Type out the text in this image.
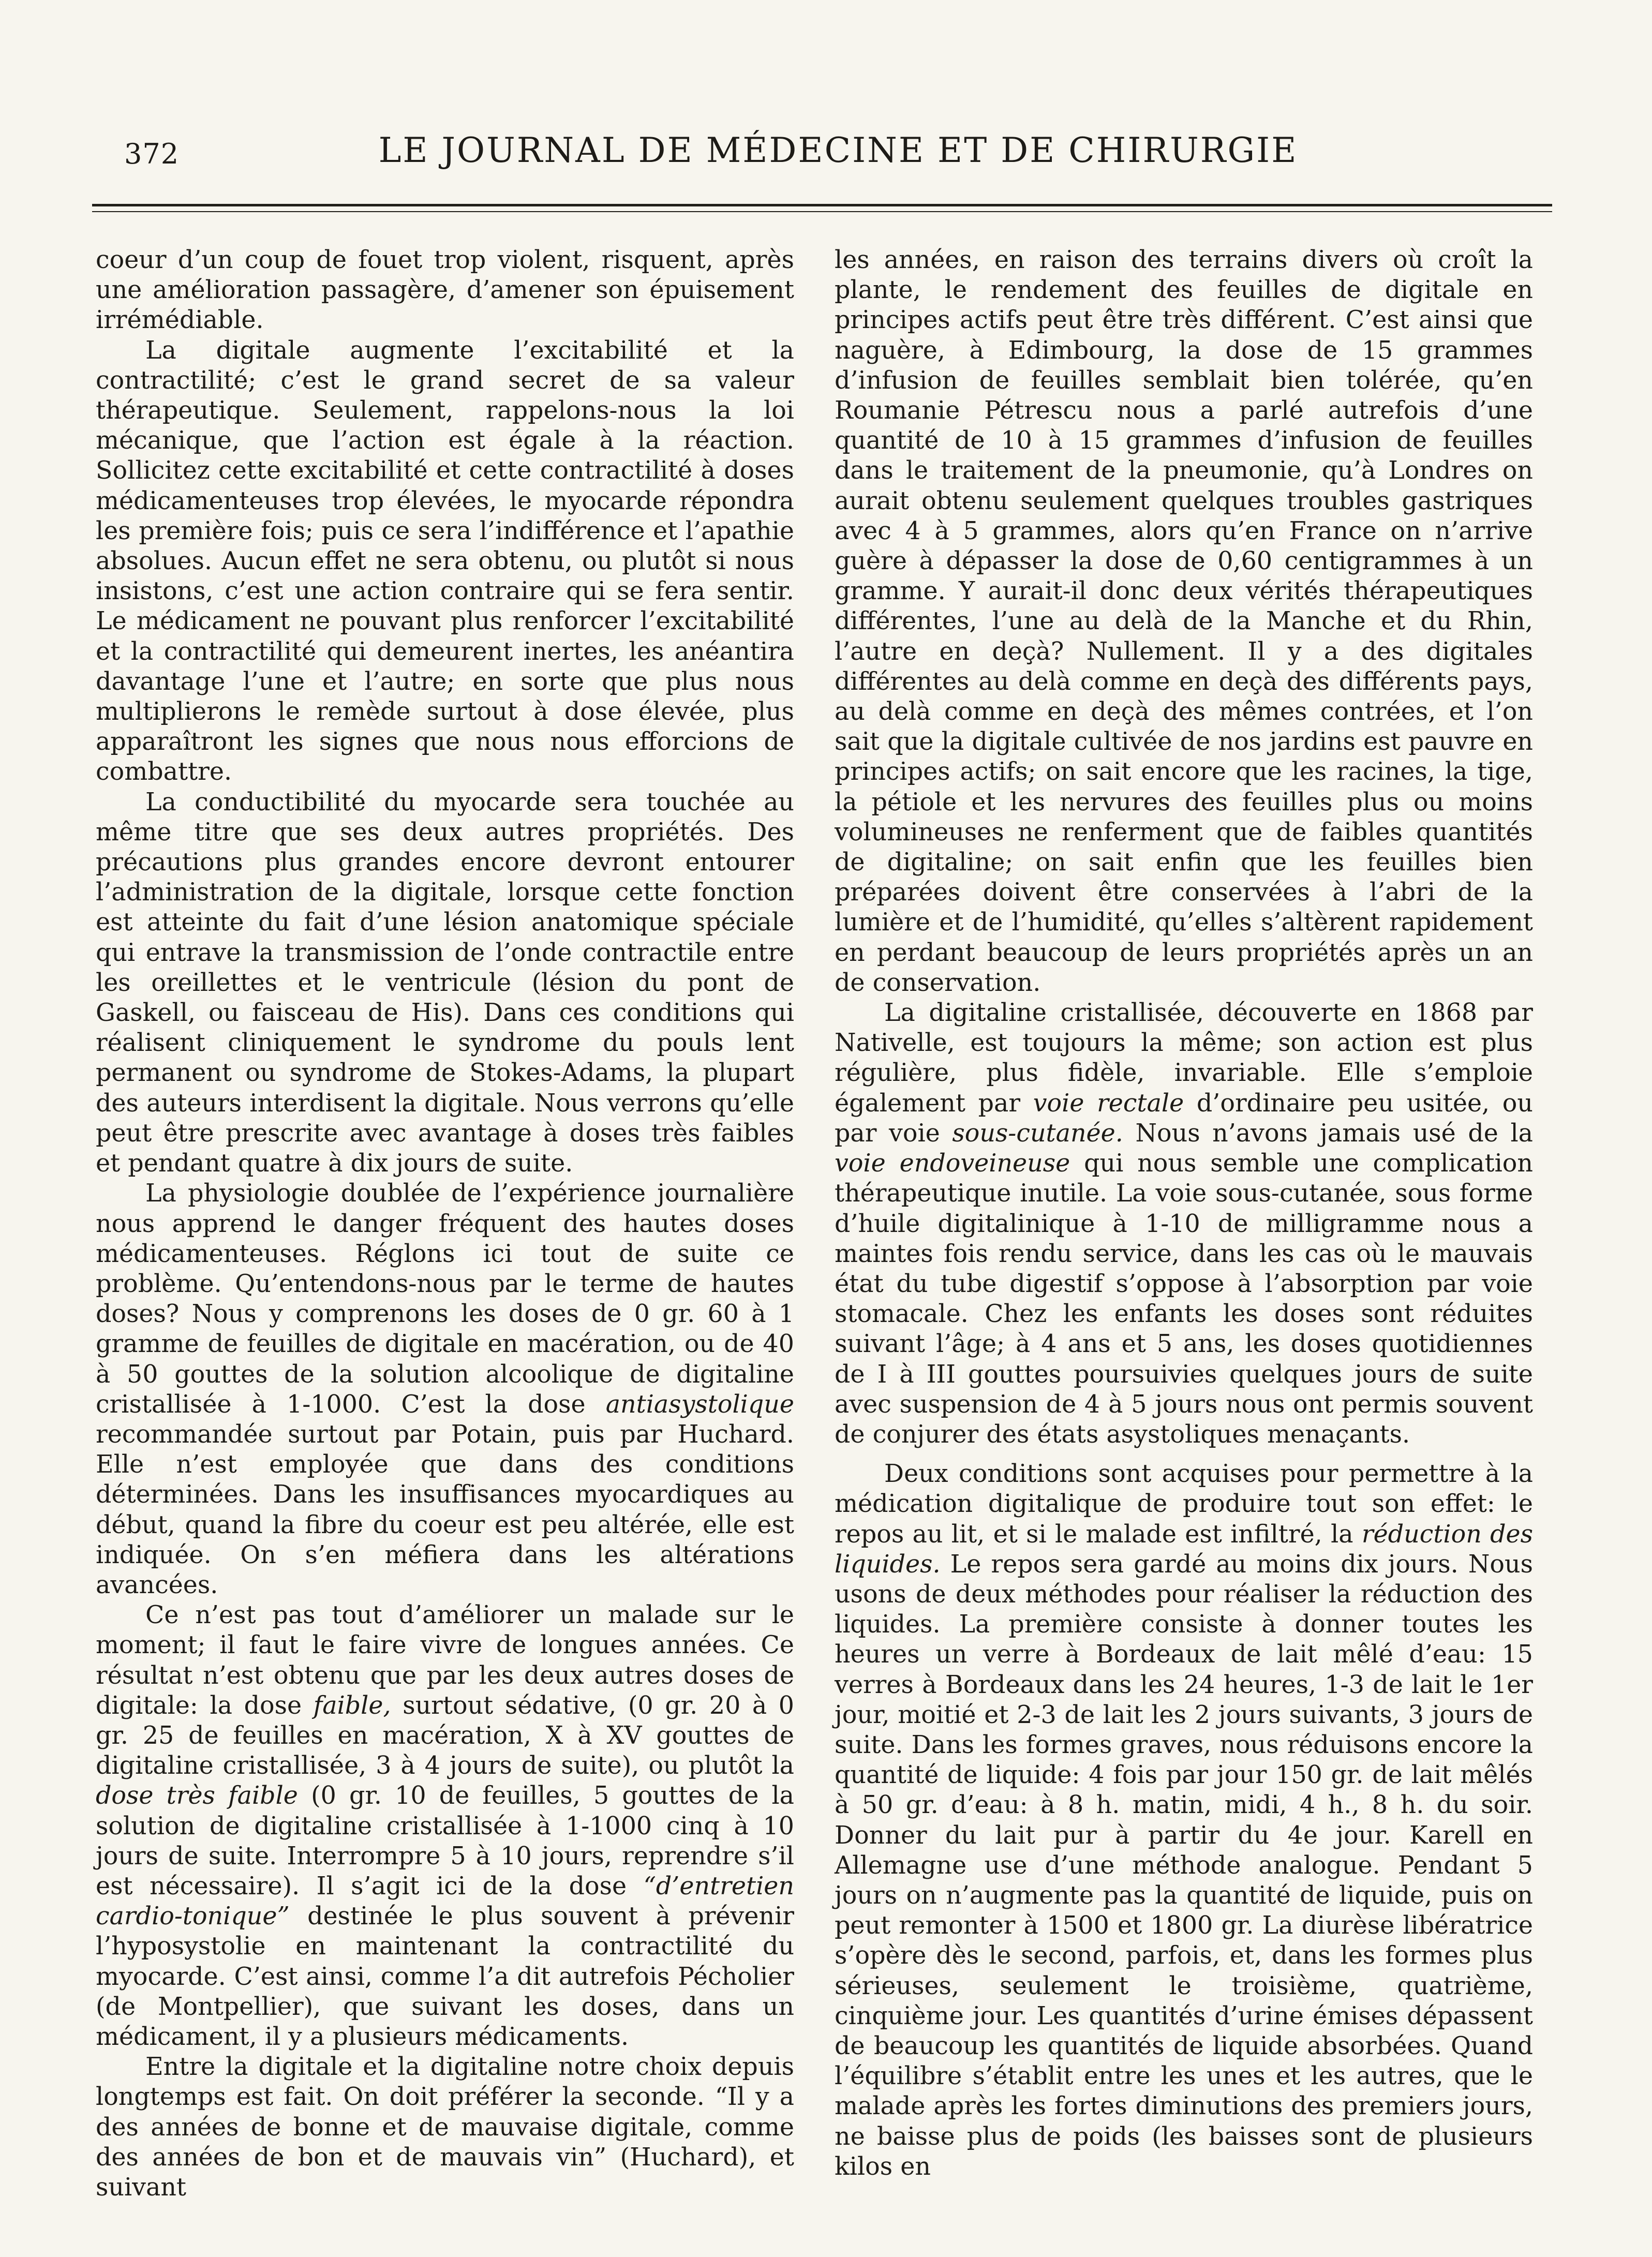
372	LE JOURNAL DE MÉDECINE ET DE CHIRURGIE

coeur d’un coup de fouet trop violent, risquent, après une amélioration passagère, d’amener son épuisement irrémédiable.

La digitale augmente l’excitabilité et la contractilité; c’est le grand secret de sa valeur thérapeutique. Seulement, rappelons-nous la loi mécanique, que l’action est égale à la réaction. Sollicitez cette excitabilité et cette contractilité à doses médicamenteuses trop élevées, le myocarde répondra les première fois; puis ce sera l’indifférence et l’apathie absolues. Aucun effet ne sera obtenu, ou plutôt si nous insistons, c’est une action contraire qui se fera sentir. Le médicament ne pouvant plus renforcer l’excitabilité et la contractilité qui demeurent inertes, les anéantira davantage l’une et l’autre; en sorte que plus nous multiplierons le remède surtout à dose élevée, plus apparaîtront les signes que nous nous efforcions de combattre.

La conductibilité du myocarde sera touchée au même titre que ses deux autres propriétés. Des précautions plus grandes encore devront entourer l’administration de la digitale, lorsque cette fonction est atteinte du fait d’une lésion anatomique spéciale qui entrave la transmission de l’onde contractile entre les oreillettes et le ventricule (lésion du pont de Gaskell, ou faisceau de His). Dans ces conditions qui réalisent cliniquement le syndrome du pouls lent permanent ou syndrome de Stokes-Adams, la plupart des auteurs interdisent la digitale. Nous verrons qu’elle peut être prescrite avec avantage à doses très faibles et pendant quatre à dix jours de suite.

La physiologie doublée de l’expérience journalière nous apprend le danger fréquent des hautes doses médicamenteuses. Réglons ici tout de suite ce problème. Qu’entendons-nous par le terme de hautes doses? Nous y comprenons les doses de 0 gr. 60 à 1 gramme de feuilles de digitale en macération, ou de 40 à 50 gouttes de la solution alcoolique de digitaline cristallisée à 1-1000. C’est la dose antiasystolique recommandée surtout par Potain, puis par Huchard. Elle n’est employée que dans des conditions déterminées. Dans les insuffisances myocardiques au début, quand la fibre du coeur est peu altérée, elle est indiquée. On s’en méfiera dans les altérations avancées.

Ce n’est pas tout d’améliorer un malade sur le moment; il faut le faire vivre de longues années. Ce résultat n’est obtenu que par les deux autres doses de digitale: la dose faible, surtout sédative, (0 gr. 20 à 0 gr. 25 de feuilles en macération, X à XV gouttes de digitaline cristallisée, 3 à 4 jours de suite), ou plutôt la dose très faible (0 gr. 10 de feuilles, 5 gouttes de la solution de digitaline cristallisée à 1-1000 cinq à 10 jours de suite. Interrompre 5 à 10 jours, reprendre s’il est nécessaire). Il s’agit ici de la dose “d’entretien cardio-tonique” destinée le plus souvent à prévenir l’hyposystolie en maintenant la contractilité du myocarde. C’est ainsi, comme l’a dit autrefois Pécholier (de Montpellier), que suivant les doses, dans un médicament, il y a plusieurs médicaments.

Entre la digitale et la digitaline notre choix depuis longtemps est fait. On doit préférer la seconde. “Il y a des années de bonne et de mauvaise digitale, comme des années de bon et de mauvais vin” (Huchard), et suivant

les années, en raison des terrains divers où croît la plante, le rendement des feuilles de digitale en principes actifs peut être très différent. C’est ainsi que naguère, à Edimbourg, la dose de 15 grammes d’infusion de feuilles semblait bien tolérée, qu’en Roumanie Pétrescu nous a parlé autrefois d’une quantité de 10 à 15 grammes d’infusion de feuilles dans le traitement de la pneumonie, qu’à Londres on aurait obtenu seulement quelques troubles gastriques avec 4 à 5 grammes, alors qu’en France on n’arrive guère à dépasser la dose de 0,60 centigrammes à un gramme. Y aurait-il donc deux vérités thérapeutiques différentes, l’une au delà de la Manche et du Rhin, l’autre en deçà? Nullement. Il y a des digitales différentes au delà comme en deçà des différents pays, au delà comme en deçà des mêmes contrées, et l’on sait que la digitale cultivée de nos jardins est pauvre en principes actifs; on sait encore que les racines, la tige, la pétiole et les nervures des feuilles plus ou moins volumineuses ne renferment que de faibles quantités de digitaline; on sait enfin que les feuilles bien préparées doivent être conservées à l’abri de la lumière et de l’humidité, qu’elles s’altèrent rapidement en perdant beaucoup de leurs propriétés après un an de conservation.

La digitaline cristallisée, découverte en 1868 par Nativelle, est toujours la même; son action est plus régulière, plus fidèle, invariable. Elle s’emploie également par voie rectale d’ordinaire peu usitée, ou par voie sous-cutanée. Nous n’avons jamais usé de la voie endoveineuse qui nous semble une complication thérapeutique inutile. La voie sous-cutanée, sous forme d’huile digitalinique à 1-10 de milligramme nous a maintes fois rendu service, dans les cas où le mauvais état du tube digestif s’oppose à l’absorption par voie stomacale. Chez les enfants les doses sont réduites suivant l’âge; à 4 ans et 5 ans, les doses quotidiennes de I à III gouttes poursuivies quelques jours de suite avec suspension de 4 à 5 jours nous ont permis souvent de conjurer des états asystoliques menaçants.

Deux conditions sont acquises pour permettre à la médication digitalique de produire tout son effet: le repos au lit, et si le malade est infiltré, la réduction des liquides. Le repos sera gardé au moins dix jours. Nous usons de deux méthodes pour réaliser la réduction des liquides. La première consiste à donner toutes les heures un verre à Bordeaux de lait mêlé d’eau: 15 verres à Bordeaux dans les 24 heures, 1-3 de lait le 1er jour, moitié et 2-3 de lait les 2 jours suivants, 3 jours de suite. Dans les formes graves, nous réduisons encore la quantité de liquide: 4 fois par jour 150 gr. de lait mêlés à 50 gr. d’eau: à 8 h. matin, midi, 4 h., 8 h. du soir. Donner du lait pur à partir du 4e jour. Karell en Allemagne use d’une méthode analogue. Pendant 5 jours on n’augmente pas la quantité de liquide, puis on peut remonter à 1500 et 1800 gr. La diurèse libératrice s’opère dès le second, parfois, et, dans les formes plus sérieuses, seulement le troisième, quatrième, cinquième jour. Les quantités d’urine émises dépassent de beaucoup les quantités de liquide absorbées. Quand l’équilibre s’établit entre les unes et les autres, que le malade après les fortes diminutions des premiers jours, ne baisse plus de poids (les baisses sont de plusieurs kilos en
